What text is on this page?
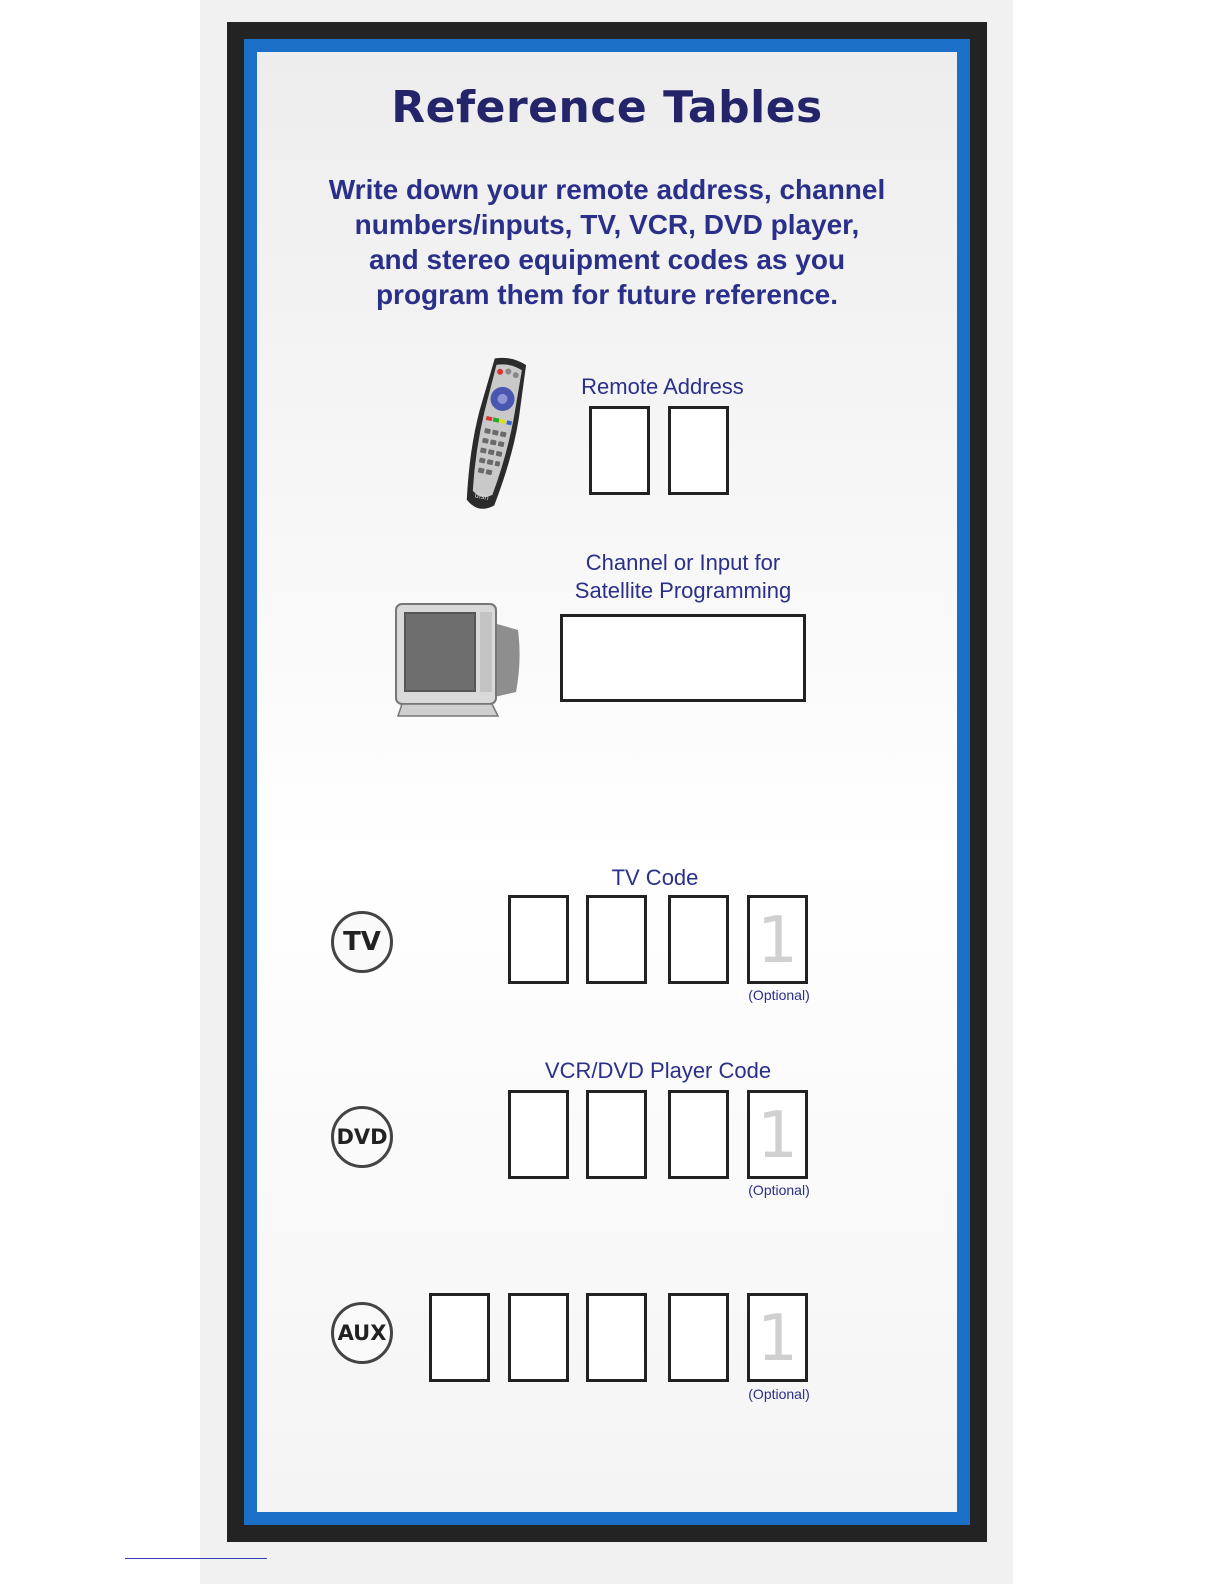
Reference Tables
Write down your remote address, channel
numbers/inputs, TV, VCR, DVD player,
and stereo equipment codes as you
program them for future reference.
dish
Remote Address
Channel or Input for
Satellite Programming
TV
TV Code
1
(Optional)
DVD
VCR/DVD Player Code
1
(Optional)
AUX	1
(Optional)
